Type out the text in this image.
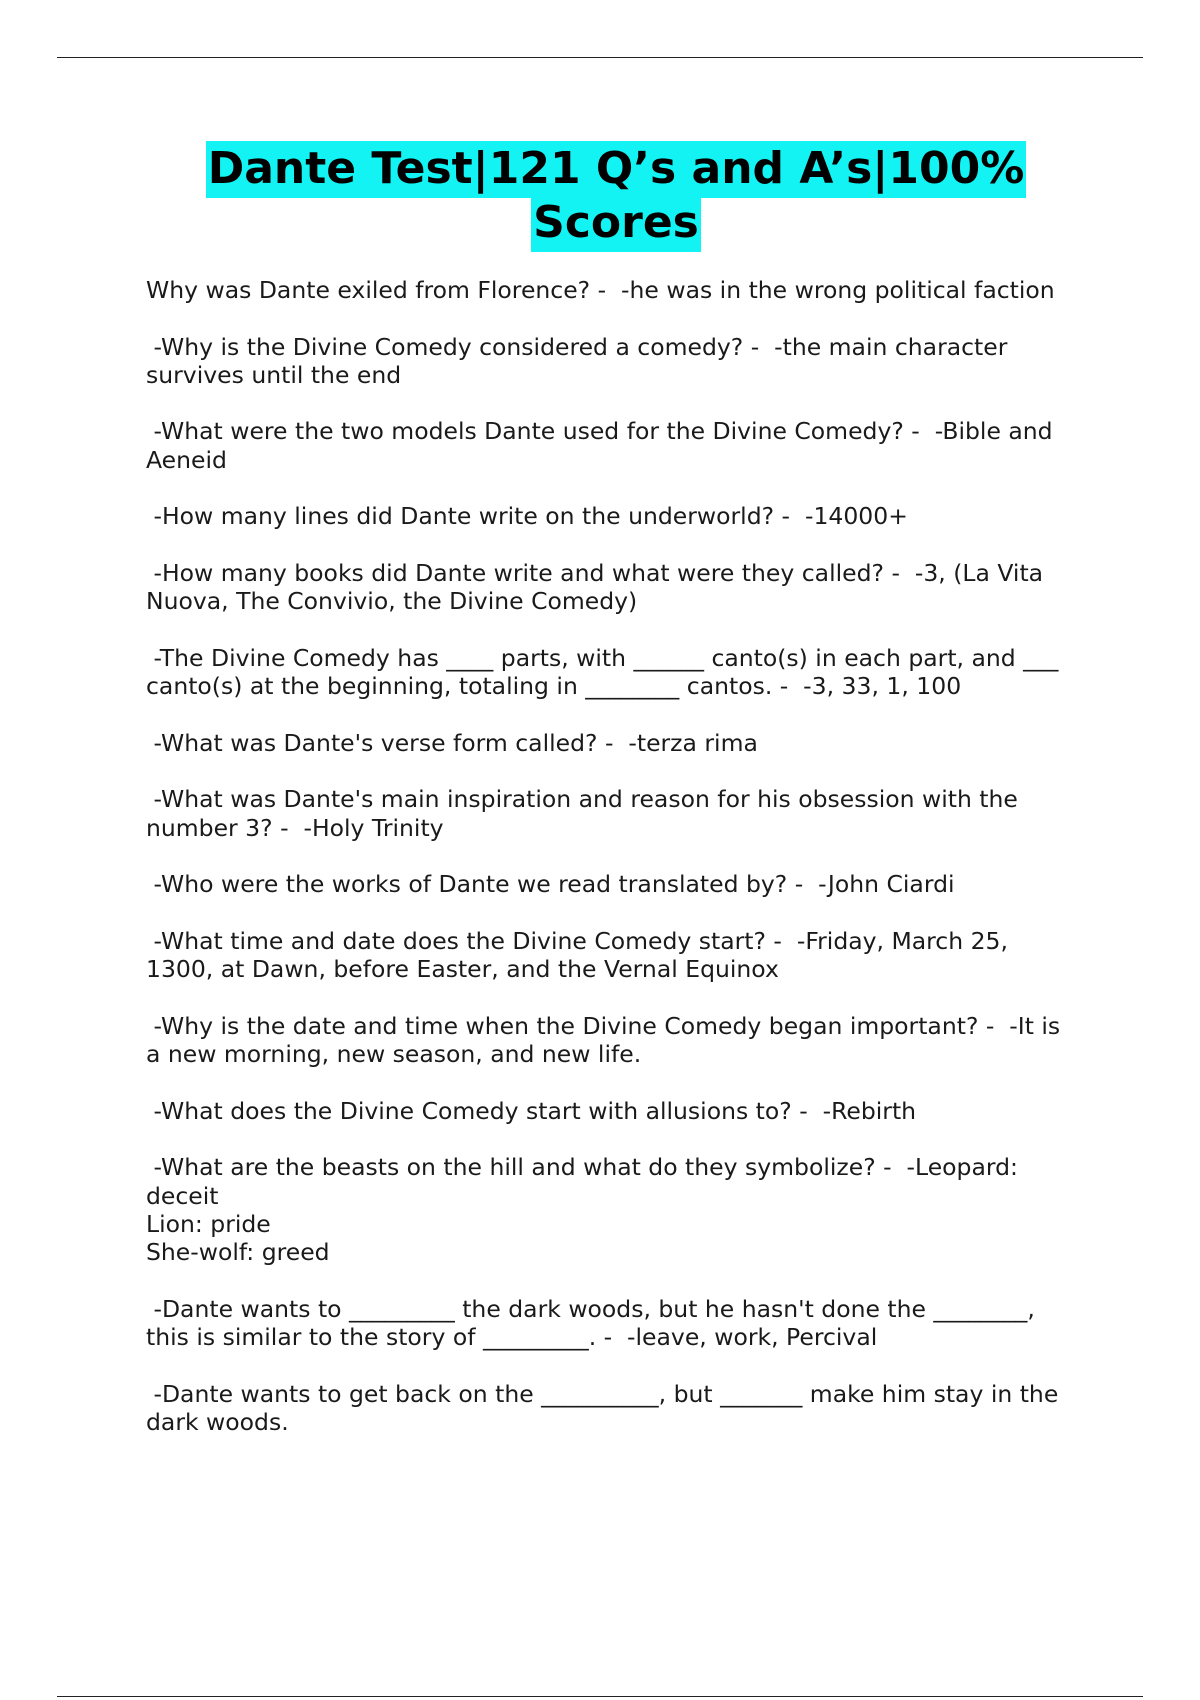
Dante Test|121 Q’s and A’s|100%
Scores

Why was Dante exiled from Florence? -  -he was in the wrong political faction

-Why is the Divine Comedy considered a comedy? -  -the main character
survives until the end

-What were the two models Dante used for the Divine Comedy? -  -Bible and
Aeneid

-How many lines did Dante write on the underworld? -  -14000+

-How many books did Dante write and what were they called? -  -3, (La Vita
Nuova, The Convivio, the Divine Comedy)

-The Divine Comedy has ____ parts, with ______ canto(s) in each part, and ___
canto(s) at the beginning, totaling in ________ cantos. -  -3, 33, 1, 100

-What was Dante's verse form called? -  -terza rima

-What was Dante's main inspiration and reason for his obsession with the
number 3? -  -Holy Trinity

-Who were the works of Dante we read translated by? -  -John Ciardi

-What time and date does the Divine Comedy start? -  -Friday, March 25,
1300, at Dawn, before Easter, and the Vernal Equinox

-Why is the date and time when the Divine Comedy began important? -  -It is
a new morning, new season, and new life.

-What does the Divine Comedy start with allusions to? -  -Rebirth

-What are the beasts on the hill and what do they symbolize? -  -Leopard:
deceit
Lion: pride
She-wolf: greed

-Dante wants to _________ the dark woods, but he hasn't done the ________,
this is similar to the story of _________. -  -leave, work, Percival

-Dante wants to get back on the __________, but _______ make him stay in the
dark woods.
